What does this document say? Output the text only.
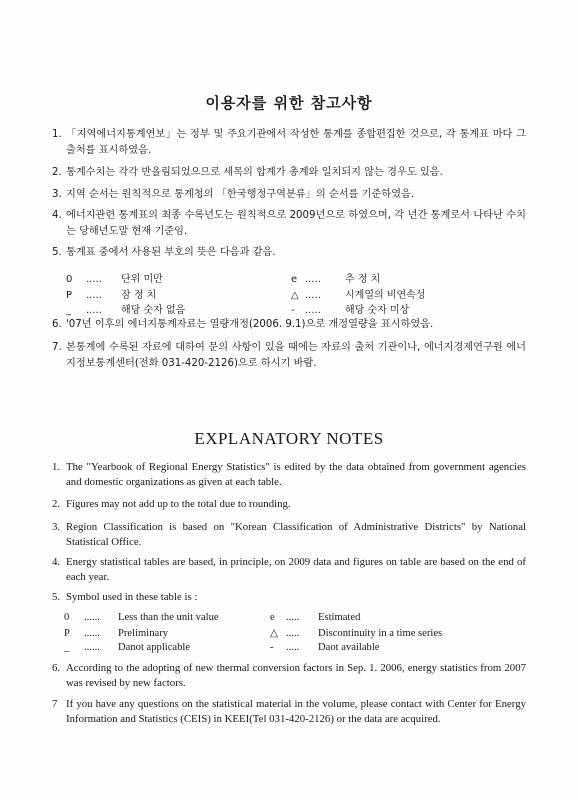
이용자를 위한 참고사항
1. 「지역에너지통계연보」는 정부 및 주요기관에서 작성한 통계를 종합편집한 것으로, 각 통계표 마다 그 출처를 표시하였음.
2. 통계수치는 각각 반올림되었으므로 세목의 합계가 총계와 일치되지 않는 경우도 있음.
3. 지역 순서는 원칙적으로 통계청의 「한국행정구역분류」의 순서를 기준하였음.
4. 에너지관련 통계표의 최종 수록년도는 원칙적으로 2009년으로 하였으며, 각 년간 통계로서 나타난 수치는 당해년도말 현재 기준임.
5. 통계표 중에서 사용된 부호의 뜻은 다음과 같음.
0 ..... 단위 미만	e ..... 추 정 치
P ..... 잠 정 치	△ ..... 시계열의 비연속성
_ ..... 해당 숫자 없음	- ..... 해당 숫자 미상
6. '07년 이후의 에너지통계자료는 열량개정(2006. 9.1)으로 개정열량을 표시하였음.
7. 본통계에 수록된 자료에 대하여 문의 사항이 있을 때에는 자료의 출처 기관이나, 에너지경제연구원 에너지정보통계센터(전화 031-420-2126)으로 하시기 바람.
EXPLANATORY NOTES
1. The "Yearbook of Regional Energy Statistics" is edited by the data obtained from government agencies and domestic organizations as given at each table.
2. Figures may not add up to the total due to rounding.
3. Region Classification is based on "Korean Classification of Administrative Districts" by National Statistical Office.
4. Energy statistical tables are based, in principle, on 2009 data and figures on table are based on the end of each year.
5. Symbol used in these table is :
0 ...... Less than the unit value	e ..... Estimated
P ...... Preliminary	△ ..... Discontinuity in a time series
_ ...... Danot applicable	- ..... Daot available
6. According to the adopting of new thermal conversion factors in Sep. 1. 2006, energy statistics from 2007 was revised by new factors.
7 If you have any questions on the statistical material in the volume, please contact with Center for Energy Information and Statistics (CEIS) in KEEI(Tel 031-420-2126) or the data are acquired.
